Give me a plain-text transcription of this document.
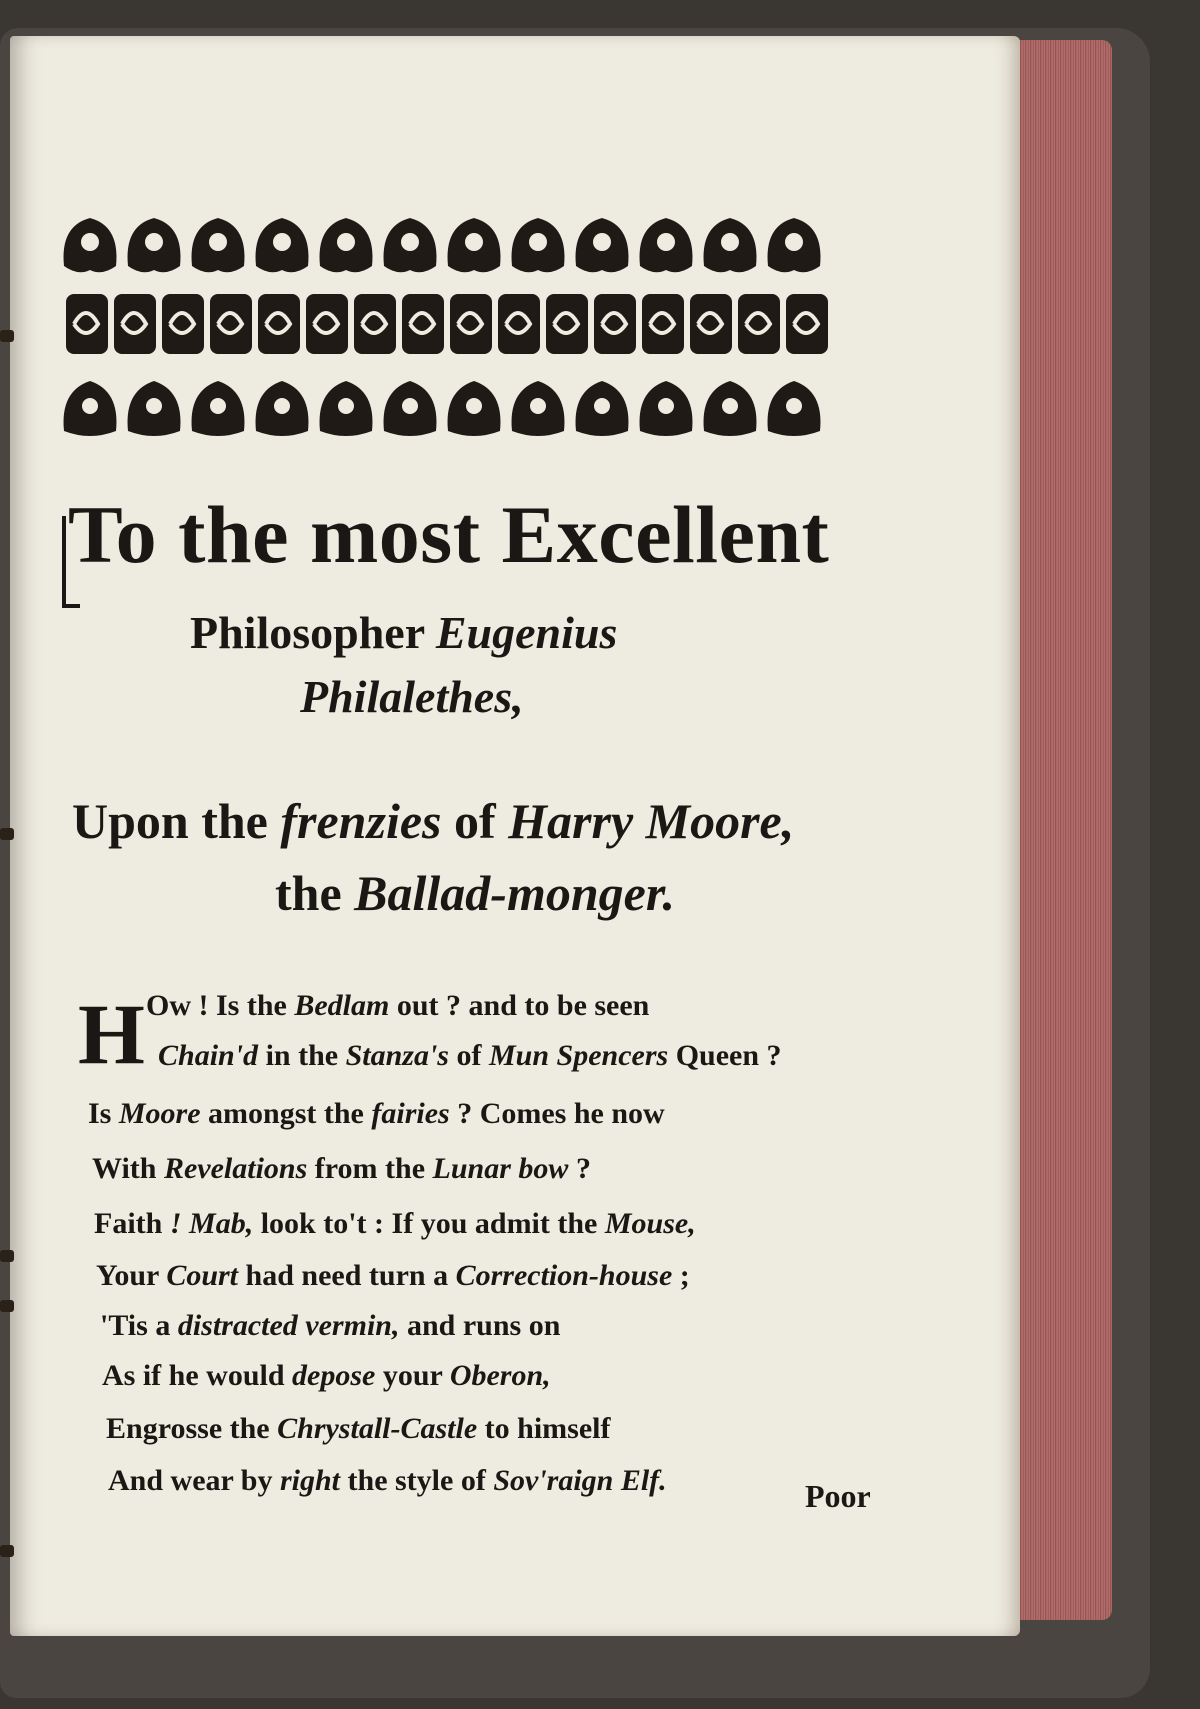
To the most Excellent

Philosopher Eugenius

Philalethes,

Upon the frenzies of Harry Moore,

the Ballad-monger.

H Ow ! Is the Bedlam out ? and to be seen
Chain'd in the Stanza's of Mun Spencers Queen ?
Is Moore amongst the fairies ? Comes he now
With Revelations from the Lunar bow ?
Faith ! Mab, look to't : If you admit the Mouse,
Your Court had need turn a Correction-house ;
'Tis a distracted vermin, and runs on
As if he would depose your Oberon,
Engrosse the Chrystall-Castle to himself
And wear by right the style of Sov'raign Elf.	Poor
